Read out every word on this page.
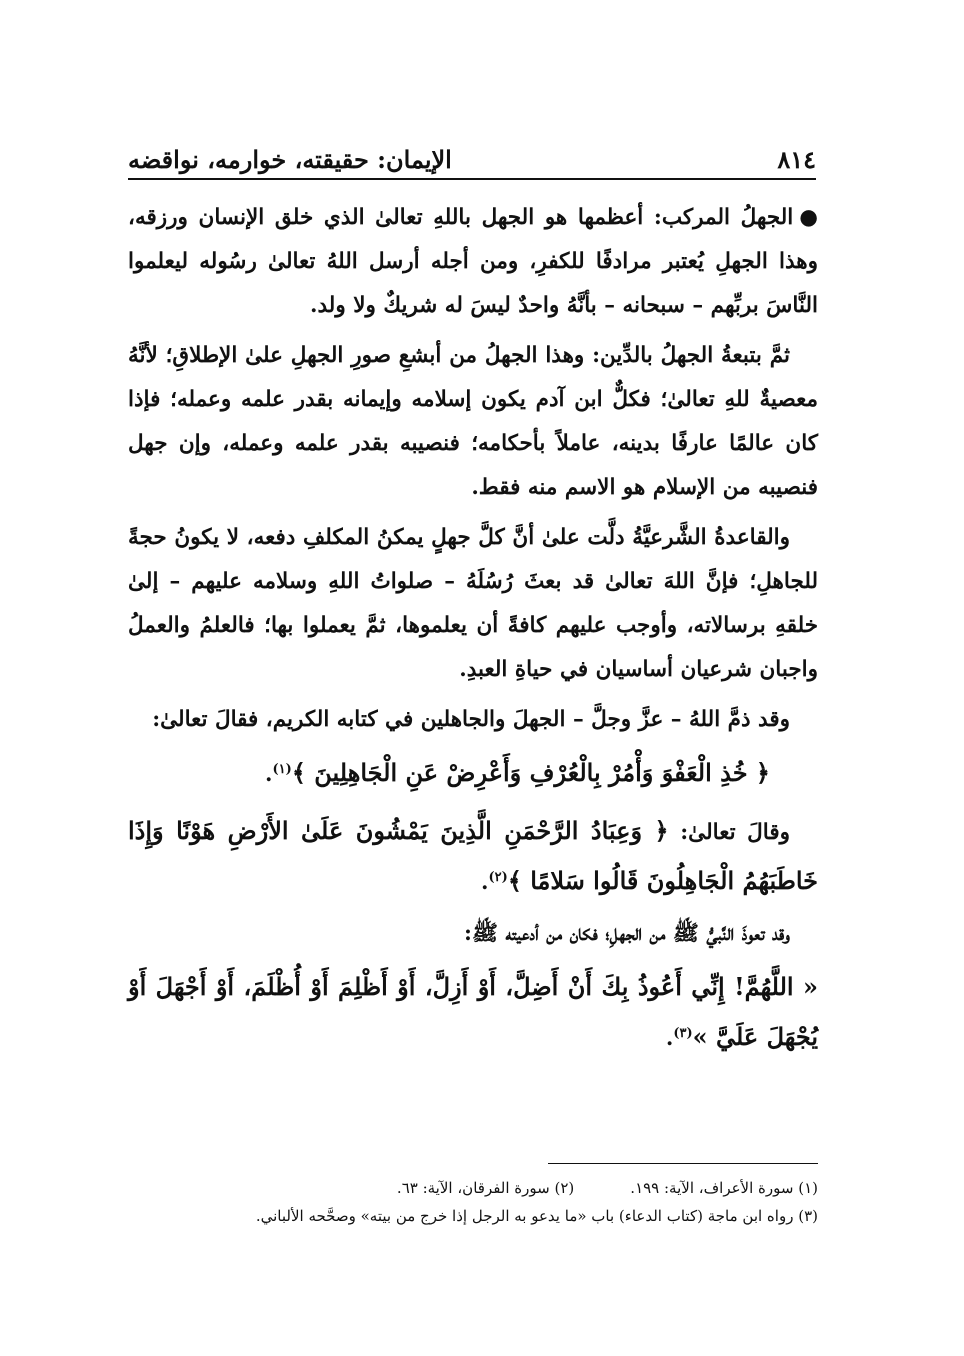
٨١٤
الإيمان: حقيقته، خوارمه، نواقضه

●الجهلُ المركب: أعظمها هو الجهل باللهِ تعالىٰ الذي خلق الإنسان ورزقه، وهذا الجهلِ يُعتبر مرادفًا للكفرِ، ومن أجله أرسل اللهُ تعالىٰ رسُوله ليعلموا النَّاسَ بربِّهم – سبحانه – بأنَّهُ واحدٌ ليسَ له شريكٌ ولا ولد.

ثمَّ بتبعةُ الجهلُ بالدِّين: وهذا الجهلُ من أبشعِ صورِ الجهلِ علىٰ الإطلاقِ؛ لأنَّهُ معصيةٌ للهِ تعالىٰ؛ فكلٌّ ابن آدم يكون إسلامه وإيمانه بقدر علمه وعمله؛ فإذا كان عالمًا عارفًا بدينه، عاملاً بأحكامه؛ فنصيبه بقدر علمه وعمله، وإن جهل فنصيبه من الإسلام هو الاسم منه فقط.

والقاعدةُ الشَّرعيَّةُ دلَّت علىٰ أنَّ كلَّ جهلٍ يمكنُ المكلفِ دفعه، لا يكونُ حجةً للجاهلِ؛ فإنَّ اللهَ تعالىٰ قد بعثَ رُسُلَهُ – صلواتُ اللهِ وسلامه عليهم – إلىٰ خلقهِ برسالاته، وأوجب عليهم كافةً أن يعلموها، ثمَّ يعملوا بها؛ فالعلمُ والعملُ واجبان شرعيان أساسيان في حياةِ العبدِ.

وقد ذمَّ اللهُ – عزَّ وجلَّ – الجهلَ والجاهلين في كتابه الكريم، فقالَ تعالىٰ:

﴿ خُذِ الْعَفْوَ وَأْمُرْ بِالْعُرْفِ وَأَعْرِضْ عَنِ الْجَاهِلِينَ ﴾$^{(١)}$.

وقالَ تعالىٰ: ﴿ وَعِبَادُ الرَّحْمَنِ الَّذِينَ يَمْشُونَ عَلَىٰ الأَرْضِ هَوْنًا وَإِذَا خَاطَبَهُمُ الْجَاهِلُونَ قَالُوا سَلامًا ﴾$^{(٢)}$.

وقد تعوذَ النَّبيُّ ﷺ من الجهلِ؛ فكان من أدعيته ﷺ:

« اللَّهُمَّ! إِنِّي أَعُوذُ بِكَ أَنْ أَضِلَّ، أَوْ أَزِلَّ، أَوْ أَظْلِمَ أَوْ أُظْلَمَ، أَوْ أَجْهَلَ أَوْ يُجْهَلَ عَلَيَّ »$^{(٣)}$.

(١) سورة الأعراف، الآية: ١٩٩.
(٢) سورة الفرقان، الآية: ٦٣.
(٣) رواه ابن ماجة (كتاب الدعاء) باب «ما يدعو به الرجل إذا خرج من بيته» وصحَّحه الألباني.
